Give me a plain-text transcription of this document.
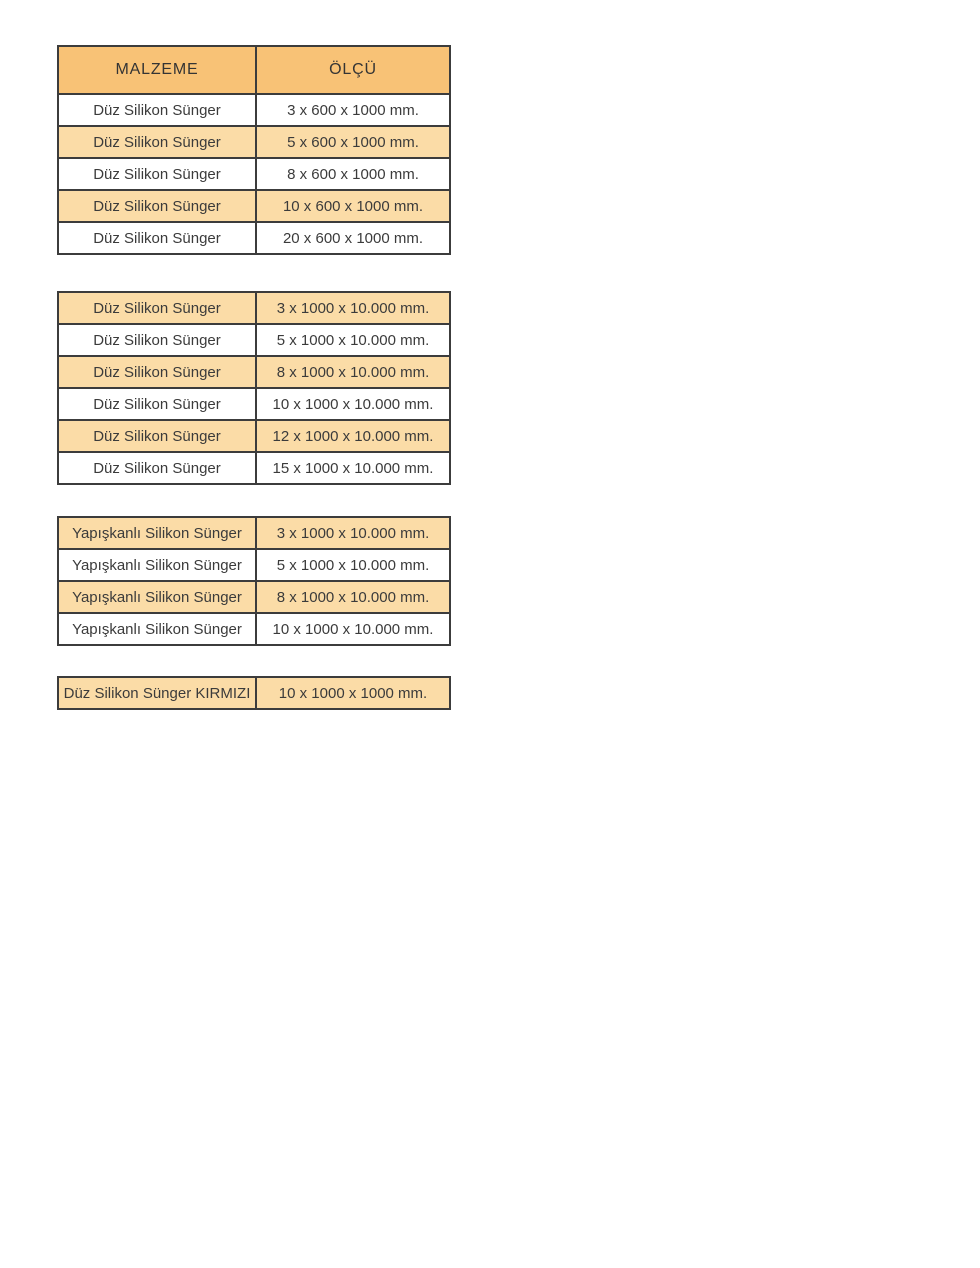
MALZEME	ÖLÇÜ
Düz Silikon Sünger	3 x 600 x 1000 mm.
Düz Silikon Sünger	5 x 600 x 1000 mm.
Düz Silikon Sünger	8 x 600 x 1000 mm.
Düz Silikon Sünger	10 x 600 x 1000 mm.
Düz Silikon Sünger	20 x 600 x 1000 mm.
Düz Silikon Sünger	3 x 1000 x 10.000 mm.
Düz Silikon Sünger	5 x 1000 x 10.000 mm.
Düz Silikon Sünger	8 x 1000 x 10.000 mm.
Düz Silikon Sünger	10 x 1000 x 10.000 mm.
Düz Silikon Sünger	12 x 1000 x 10.000 mm.
Düz Silikon Sünger	15 x 1000 x 10.000 mm.
Yapışkanlı Silikon Sünger	3 x 1000 x 10.000 mm.
Yapışkanlı Silikon Sünger	5 x 1000 x 10.000 mm.
Yapışkanlı Silikon Sünger	8 x 1000 x 10.000 mm.
Yapışkanlı Silikon Sünger	10 x 1000 x 10.000 mm.
Düz Silikon Sünger KIRMIZI	10 x 1000 x 1000 mm.
